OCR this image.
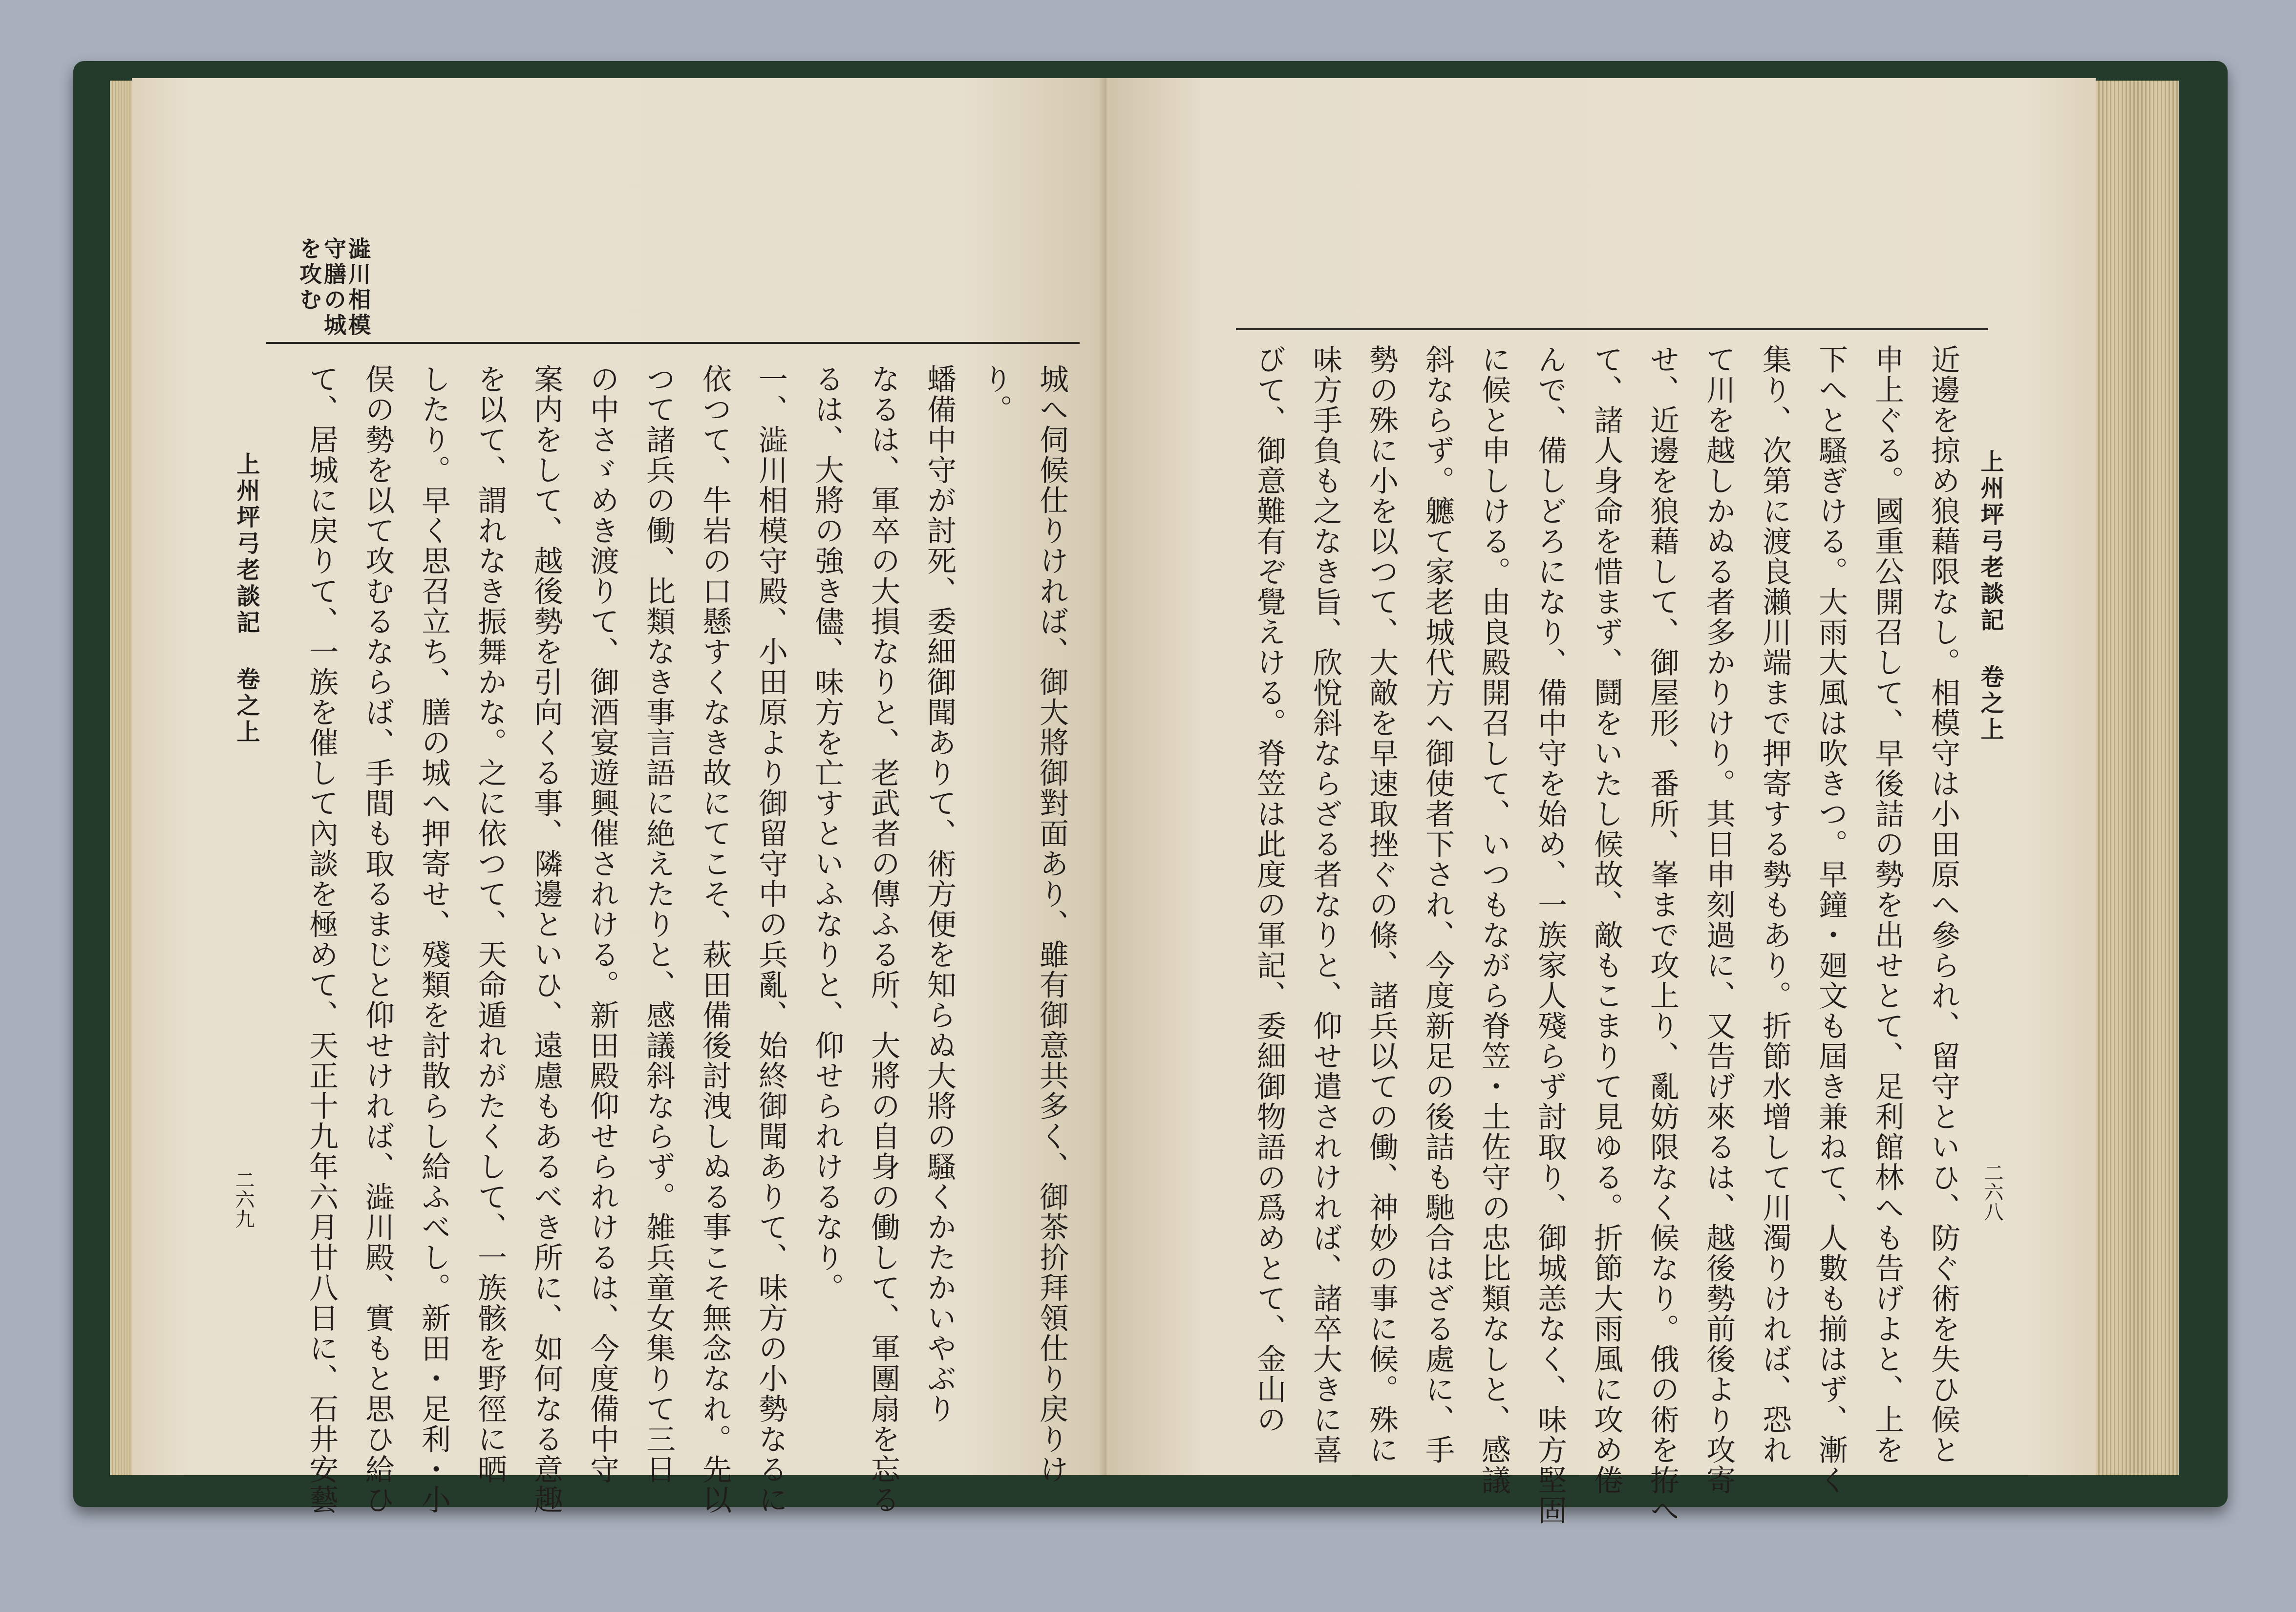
澁川相模
守膳の城
を攻む
城へ伺候仕りければ、御大將御對面あり、雖有御意共多く、御茶扴拜領仕り戻りけ
り。
蟠備中守が討死、委細御聞ありて、術方便を知らぬ大將の騷くかたかいやぶり
なるは、軍卒の大損なりと、老武者の傳ふる所、大將の自身の働して、軍團扇を忘る
るは、大將の強き儘、味方を亡すといふなりと、仰せられけるなり。
一、澁川相模守殿、小田原より御留守中の兵亂、始終御聞ありて、味方の小勢なるに
依つて、牛岩の口懸すくなき故にてこそ、萩田備後討洩しぬる事こそ無念なれ。先以
つて諸兵の働、比類なき事言語に絶えたりと、感議斜ならず。雑兵童女集りて三日
の中さゞめき渡りて、御酒宴遊興催されける。新田殿仰せられけるは、今度備中守
案内をして、越後勢を引向くる事、隣邊といひ、遠慮もあるべき所に、如何なる意趣
を以て、謂れなき振舞かな。之に依つて、天命遁れがたくして、一族骸を野徑に晒
したり。早く思召立ち、膳の城へ押寄せ、殘類を討散らし給ふべし。新田・足利・小
俣の勢を以て攻むるならば、手間も取るまじと仰せければ、澁川殿、實もと思ひ給ひ
て、居城に戻りて、一族を催して內談を極めて、天正十九年六月廿八日に、石井安藝
上州坪弓老談記 卷之上
二六九	近邊を掠め狼藉限なし。相模守は小田原へ參られ、留守といひ、防ぐ術を失ひ候と
申上ぐる。國重公開召して、早後詰の勢を出せとて、足利館林へも告げよと、上を
下へと騷ぎける。大雨大風は吹きつ。早鐘・廻文も屆き兼ねて、人數も揃はず、漸く
集り、次第に渡良瀨川端まで押寄する勢もあり。折節水增して川濁りければ、恐れ
て川を越しかぬる者多かりけり。其日申刻過に、又告げ來るは、越後勢前後より攻寄
せ、近邊を狼藉して、御屋形、番所、峯まで攻上り、亂妨限なく候なり。俄の術を拵へ
て、諸人身命を惜まず、鬪をいたし候故、敵もこまりて見ゆる。折節大雨風に攻め倦
んで、備しどろになり、備中守を始め、一族家人殘らず討取り、御城恙なく、味方堅固
に候と申しける。由良殿開召して、いつもながら脊笠・土佐守の忠比類なしと、感議
斜ならず。軈て家老城代方へ御使者下され、今度新足の後詰も馳合はざる處に、手
勢の殊に小を以つて、大敵を早速取挫ぐの條、諸兵以ての働、神妙の事に候。殊に
味方手負も之なき旨、欣悅斜ならざる者なりと、仰せ遣されければ、諸卒大きに喜
びて、御意難有ぞ覺えける。脊笠は此度の軍記、委細御物語の爲めとて、金山の	上州坪弓老談記 卷之上
二六八
